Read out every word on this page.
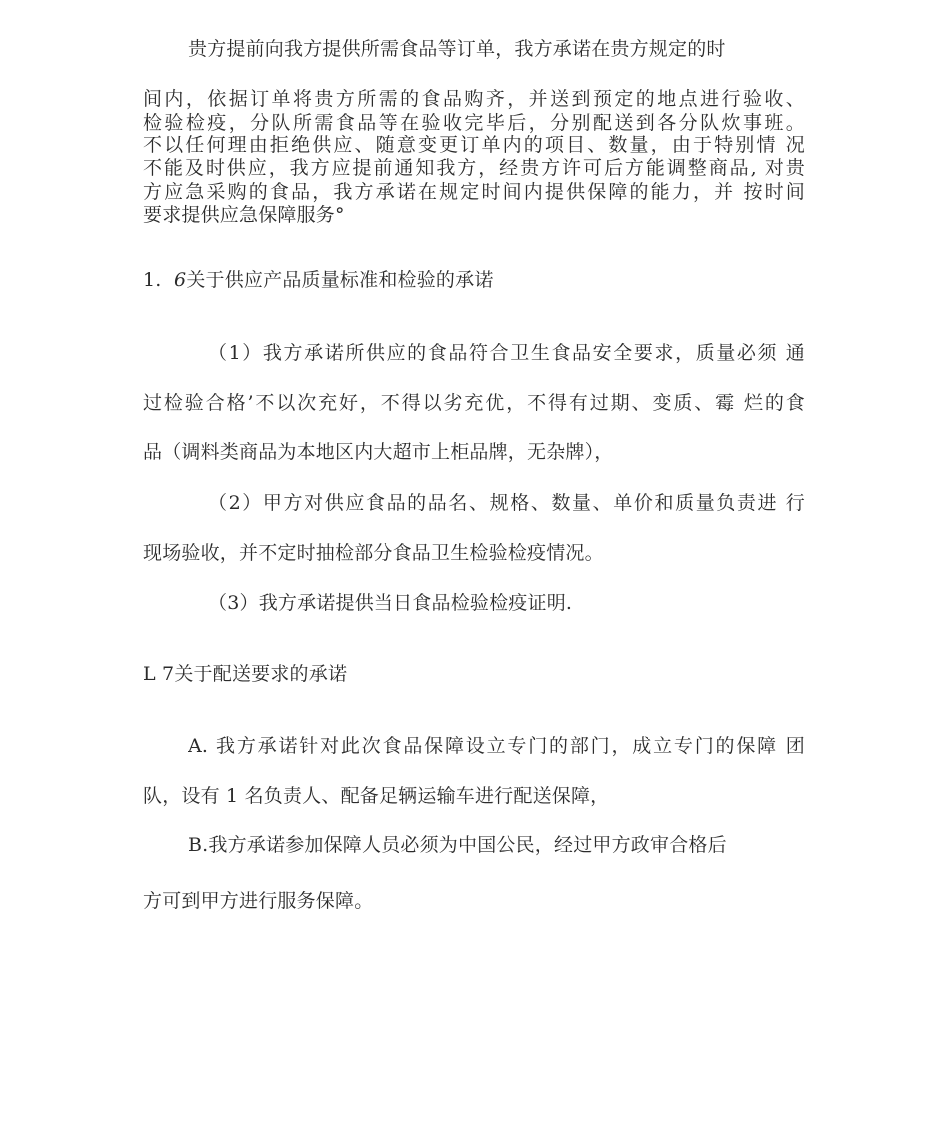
贵方提前向我方提供所需食品等订单，我方承诺在贵方规定的时
间内，依据订单将贵方所需的食品购齐，并送到预定的地点进行验收、
检验检疫，分队所需食品等在验收完毕后，分别配送到各分队炊事班。
不以任何理由拒绝供应、随意变更订单内的项目、数量，由于特别情 况
不能及时供应，我方应提前通知我方，经贵方许可后方能调整商品, 对贵
方应急采购的食品，我方承诺在规定时间内提供保障的能力，并 按时间
要求提供应急保障服务°
1.  6关于供应产品质量标准和检验的承诺
（1）我方承诺所供应的食品符合卫生食品安全要求，质量必须 通
过检验合格’不以次充好，不得以劣充优，不得有过期、变质、霉 烂的食
品（调料类商品为本地区内大超市上柜品牌，无杂牌），
（2）甲方对供应食品的品名、规格、数量、单价和质量负责进 行
现场验收，并不定时抽检部分食品卫生检验检疫情况。
（3）我方承诺提供当日食品检验检疫证明.
L 7关于配送要求的承诺
A. 我方承诺针对此次食品保障设立专门的部门，成立专门的保障 团
队，设有 1 名负责人、配备足辆运输车进行配送保障，
B.我方承诺参加保障人员必须为中国公民，经过甲方政审合格后
方可到甲方进行服务保障。
